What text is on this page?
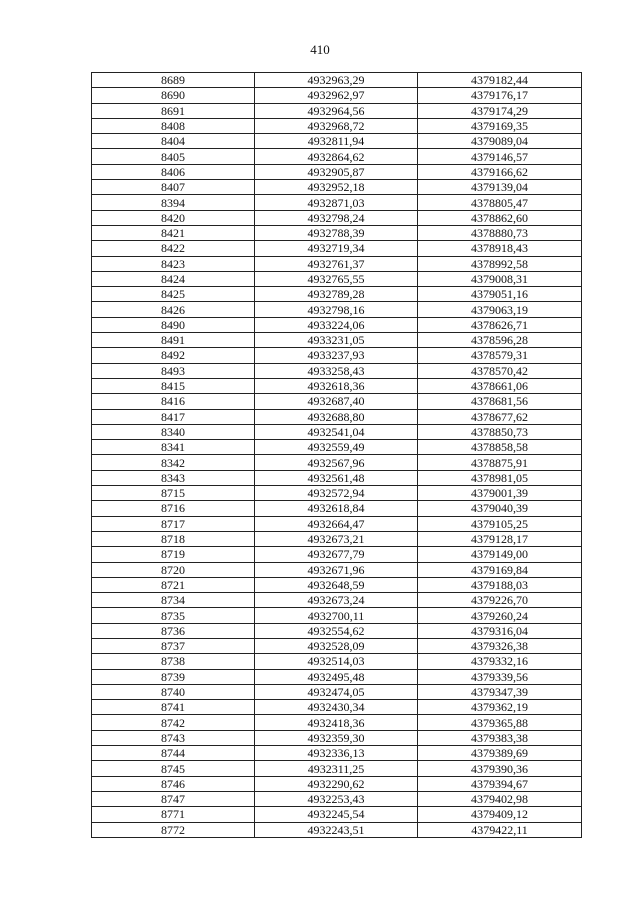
410
8689	4932963,29	4379182,44
8690	4932962,97	4379176,17
8691	4932964,56	4379174,29
8408	4932968,72	4379169,35
8404	4932811,94	4379089,04
8405	4932864,62	4379146,57
8406	4932905,87	4379166,62
8407	4932952,18	4379139,04
8394	4932871,03	4378805,47
8420	4932798,24	4378862,60
8421	4932788,39	4378880,73
8422	4932719,34	4378918,43
8423	4932761,37	4378992,58
8424	4932765,55	4379008,31
8425	4932789,28	4379051,16
8426	4932798,16	4379063,19
8490	4933224,06	4378626,71
8491	4933231,05	4378596,28
8492	4933237,93	4378579,31
8493	4933258,43	4378570,42
8415	4932618,36	4378661,06
8416	4932687,40	4378681,56
8417	4932688,80	4378677,62
8340	4932541,04	4378850,73
8341	4932559,49	4378858,58
8342	4932567,96	4378875,91
8343	4932561,48	4378981,05
8715	4932572,94	4379001,39
8716	4932618,84	4379040,39
8717	4932664,47	4379105,25
8718	4932673,21	4379128,17
8719	4932677,79	4379149,00
8720	4932671,96	4379169,84
8721	4932648,59	4379188,03
8734	4932673,24	4379226,70
8735	4932700,11	4379260,24
8736	4932554,62	4379316,04
8737	4932528,09	4379326,38
8738	4932514,03	4379332,16
8739	4932495,48	4379339,56
8740	4932474,05	4379347,39
8741	4932430,34	4379362,19
8742	4932418,36	4379365,88
8743	4932359,30	4379383,38
8744	4932336,13	4379389,69
8745	4932311,25	4379390,36
8746	4932290,62	4379394,67
8747	4932253,43	4379402,98
8771	4932245,54	4379409,12
8772	4932243,51	4379422,11
